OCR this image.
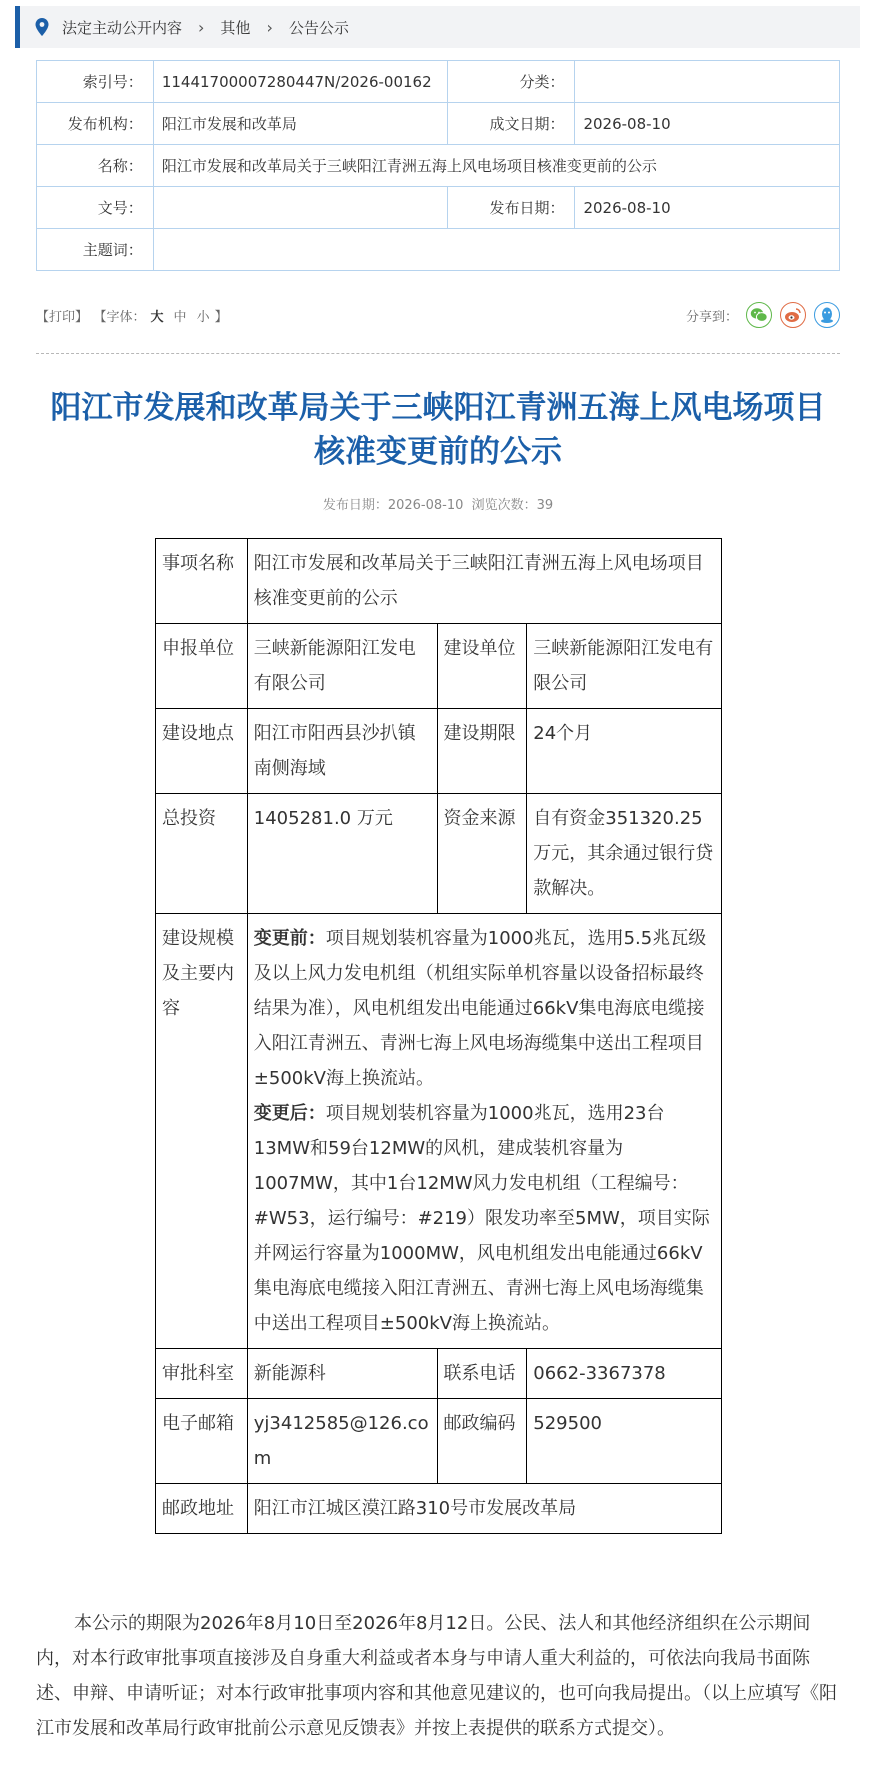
法定主动公开内容 › 其他 › 公告公示
索引号：	11441700007280447N/2026-00162	分类：	
发布机构：	阳江市发展和改革局	成文日期：	2026-08-10
名称：	阳江市发展和改革局关于三峡阳江青洲五海上风电场项目核准变更前的公示		
文号：		发布日期：	2026-08-10
主题词：			
【打印】 【字体： 大 中 小 】	分享到：
阳江市发展和改革局关于三峡阳江青洲五海上风电场项目
核准变更前的公示
发布日期：2026-08-10  浏览次数：39
事项名称	阳江市发展和改革局关于三峡阳江青洲五海上风电场项目核准变更前的公示		
申报单位	三峡新能源阳江发电有限公司	建设单位	三峡新能源阳江发电有限公司
建设地点	阳江市阳西县沙扒镇南侧海域	建设期限	24个月
总投资	1405281.0 万元	资金来源	自有资金351320.25万元，其余通过银行贷款解决。
建设规模及主要内容	变更前：项目规划装机容量为1000兆瓦，选用5.5兆瓦级及以上风力发电机组（机组实际单机容量以设备招标最终结果为准），风电机组发出电能通过66kV集电海底电缆接入阳江青洲五、青洲七海上风电场海缆集中送出工程项目±500kV海上换流站。
变更后：项目规划装机容量为1000兆瓦，选用23台13MW和59台12MW的风机，建成装机容量为1007MW，其中1台12MW风力发电机组（工程编号：#W53，运行编号：#219）限发功率至5MW，项目实际并网运行容量为1000MW，风电机组发出电能通过66kV集电海底电缆接入阳江青洲五、青洲七海上风电场海缆集中送出工程项目±500kV海上换流站。		

审批科室	新能源科	联系电话	0662-3367378
电子邮箱	yj3412585@126.com	邮政编码	529500
邮政地址	阳江市江城区漠江路310号市发展改革局		

本公示的期限为2026年8月10日至2026年8月12日。公民、法人和其他经济组织在公示期间内，对本行政审批事项直接涉及自身重大利益或者本身与申请人重大利益的，可依法向我局书面陈述、申辩、申请听证；对本行政审批事项内容和其他意见建议的，也可向我局提出。（以上应填写《阳江市发展和改革局行政审批前公示意见反馈表》并按上表提供的联系方式提交）。
